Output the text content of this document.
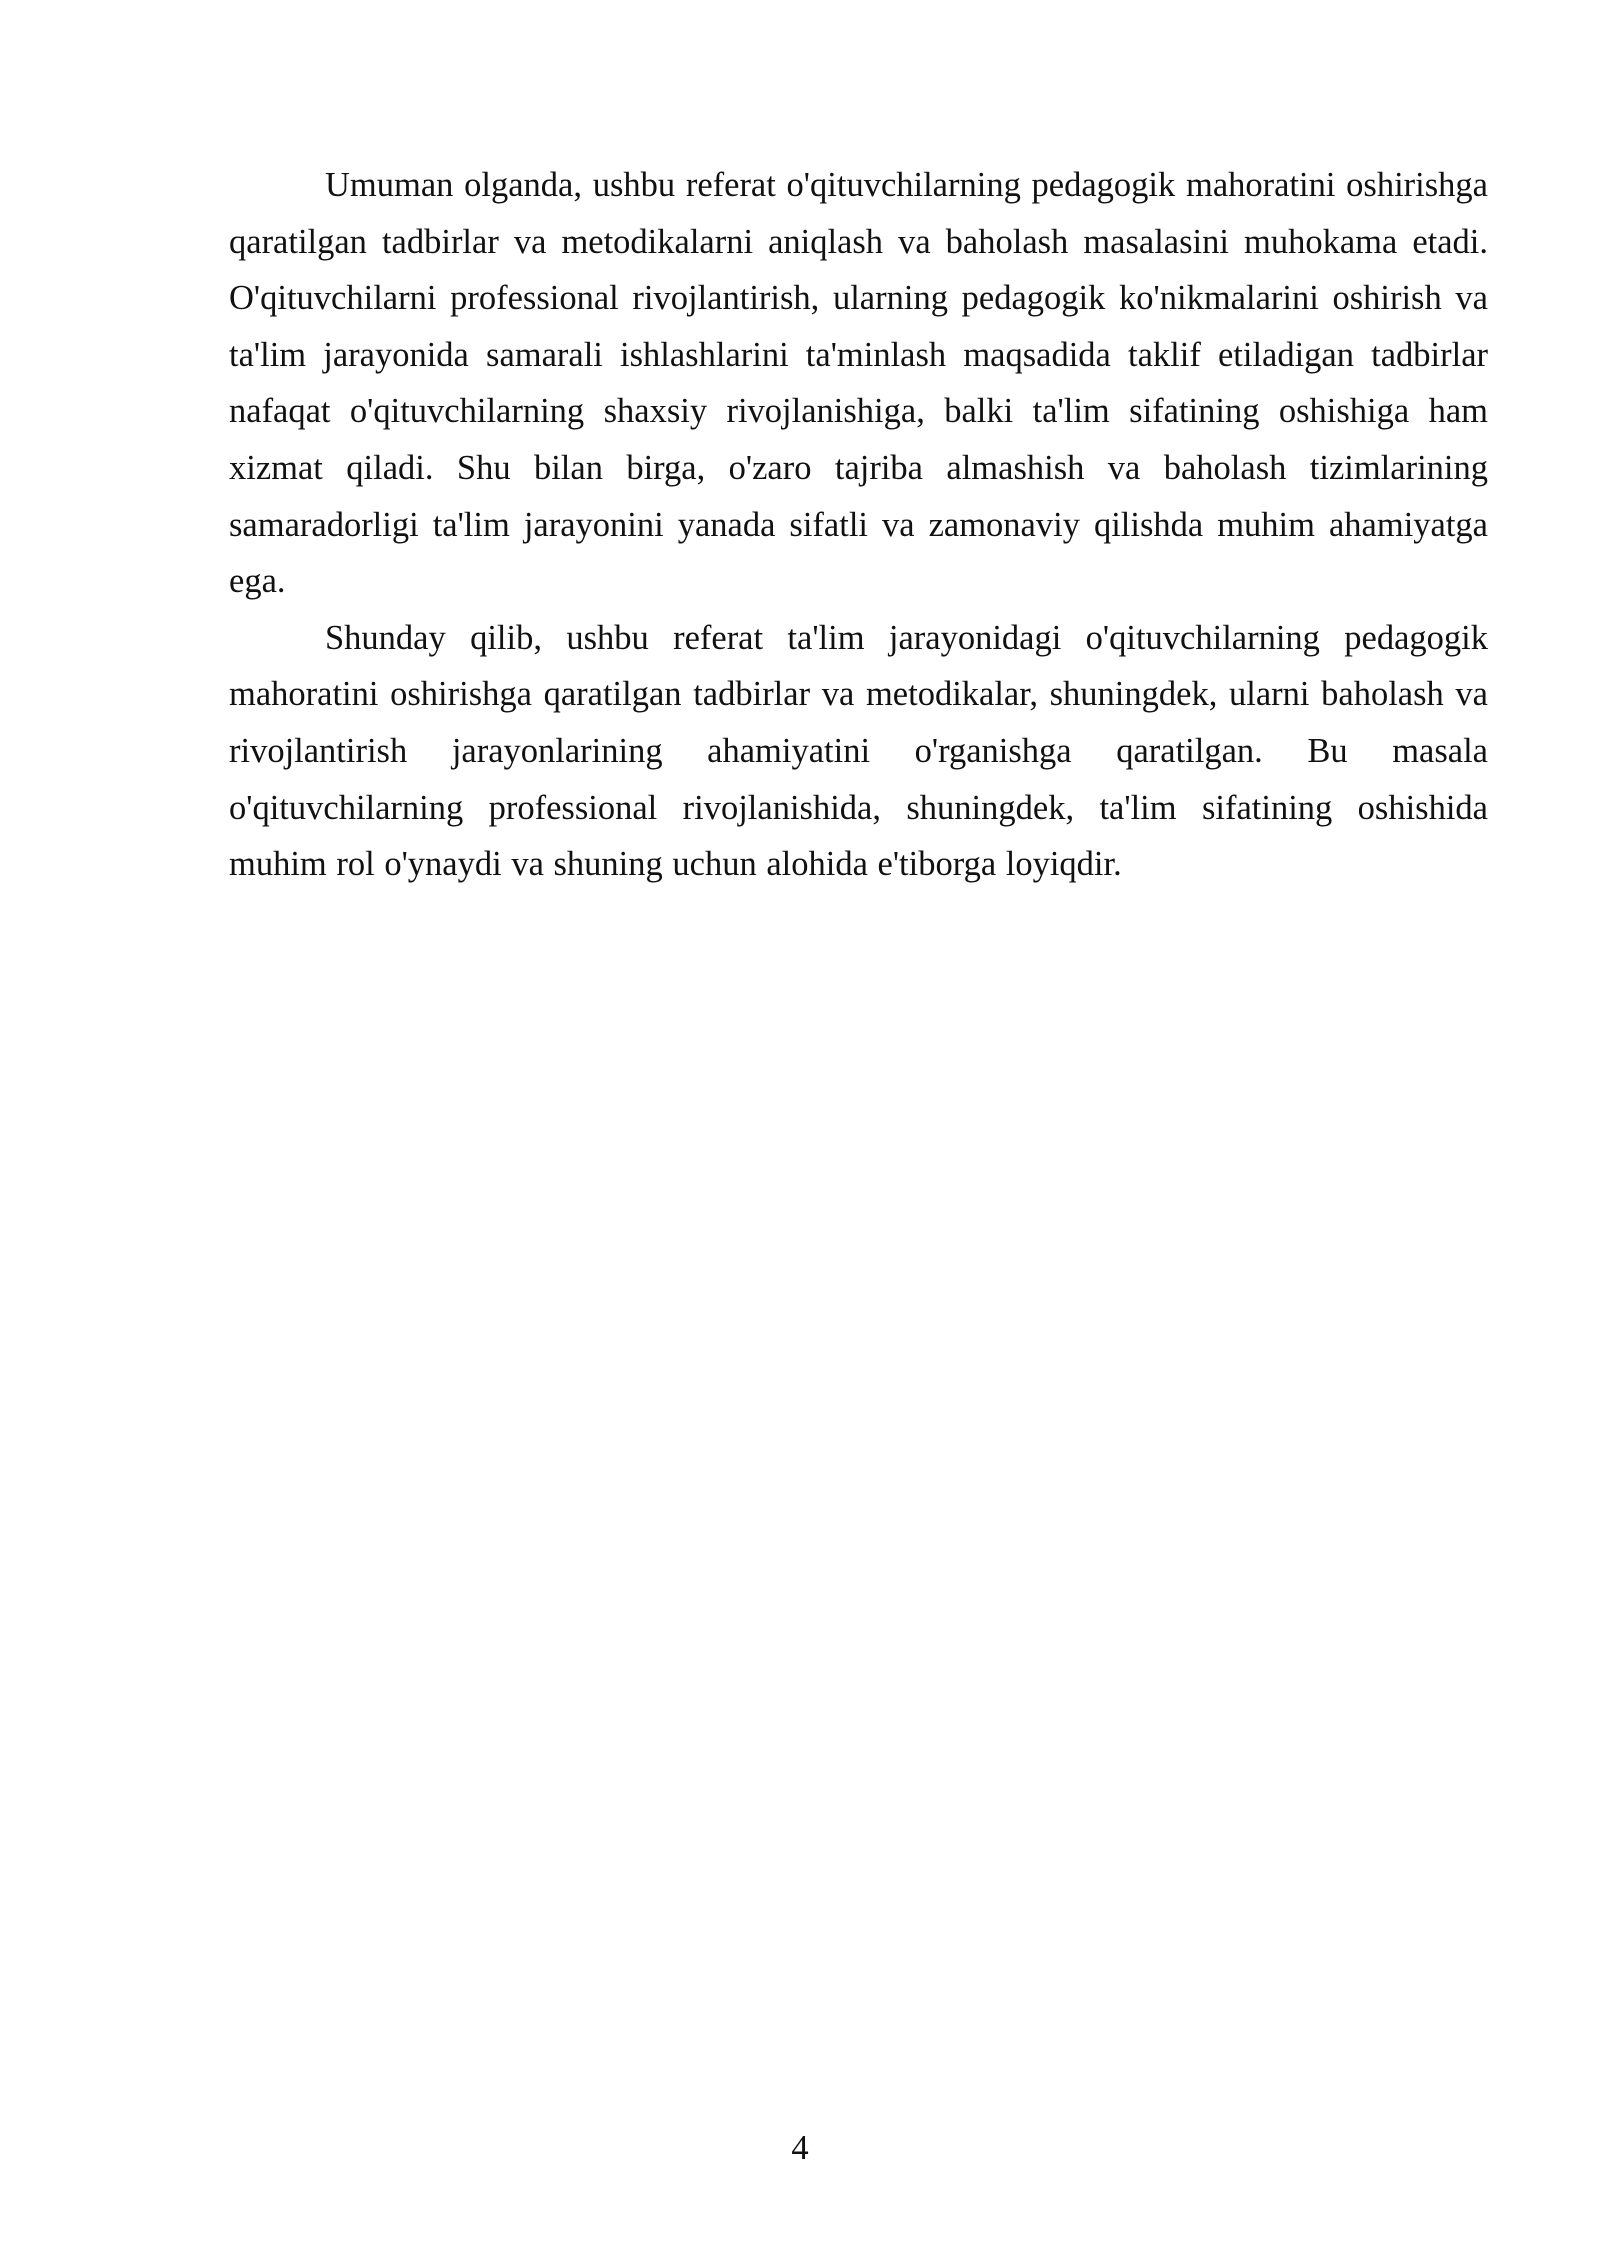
Umuman olganda, ushbu referat o'qituvchilarning pedagogik mahoratini oshirishga qaratilgan tadbirlar va metodikalarni aniqlash va baholash masalasini muhokama etadi. O'qituvchilarni professional rivojlantirish, ularning pedagogik ko'nikmalarini oshirish va ta'lim jarayonida samarali ishlashlarini ta'minlash maqsadida taklif etiladigan tadbirlar nafaqat o'qituvchilarning shaxsiy rivojlanishiga, balki ta'lim sifatining oshishiga ham xizmat qiladi. Shu bilan birga, o'zaro tajriba almashish va baholash tizimlarining samaradorligi ta'lim jarayonini yanada sifatli va zamonaviy qilishda muhim ahamiyatga ega.

Shunday qilib, ushbu referat ta'lim jarayonidagi o'qituvchilarning pedagogik mahoratini oshirishga qaratilgan tadbirlar va metodikalar, shuningdek, ularni baholash va rivojlantirish jarayonlarining ahamiyatini o'rganishga qaratilgan. Bu masala o'qituvchilarning professional rivojlanishida, shuningdek, ta'lim sifatining oshishida muhim rol o'ynaydi va shuning uchun alohida e'tiborga loyiqdir.

4
